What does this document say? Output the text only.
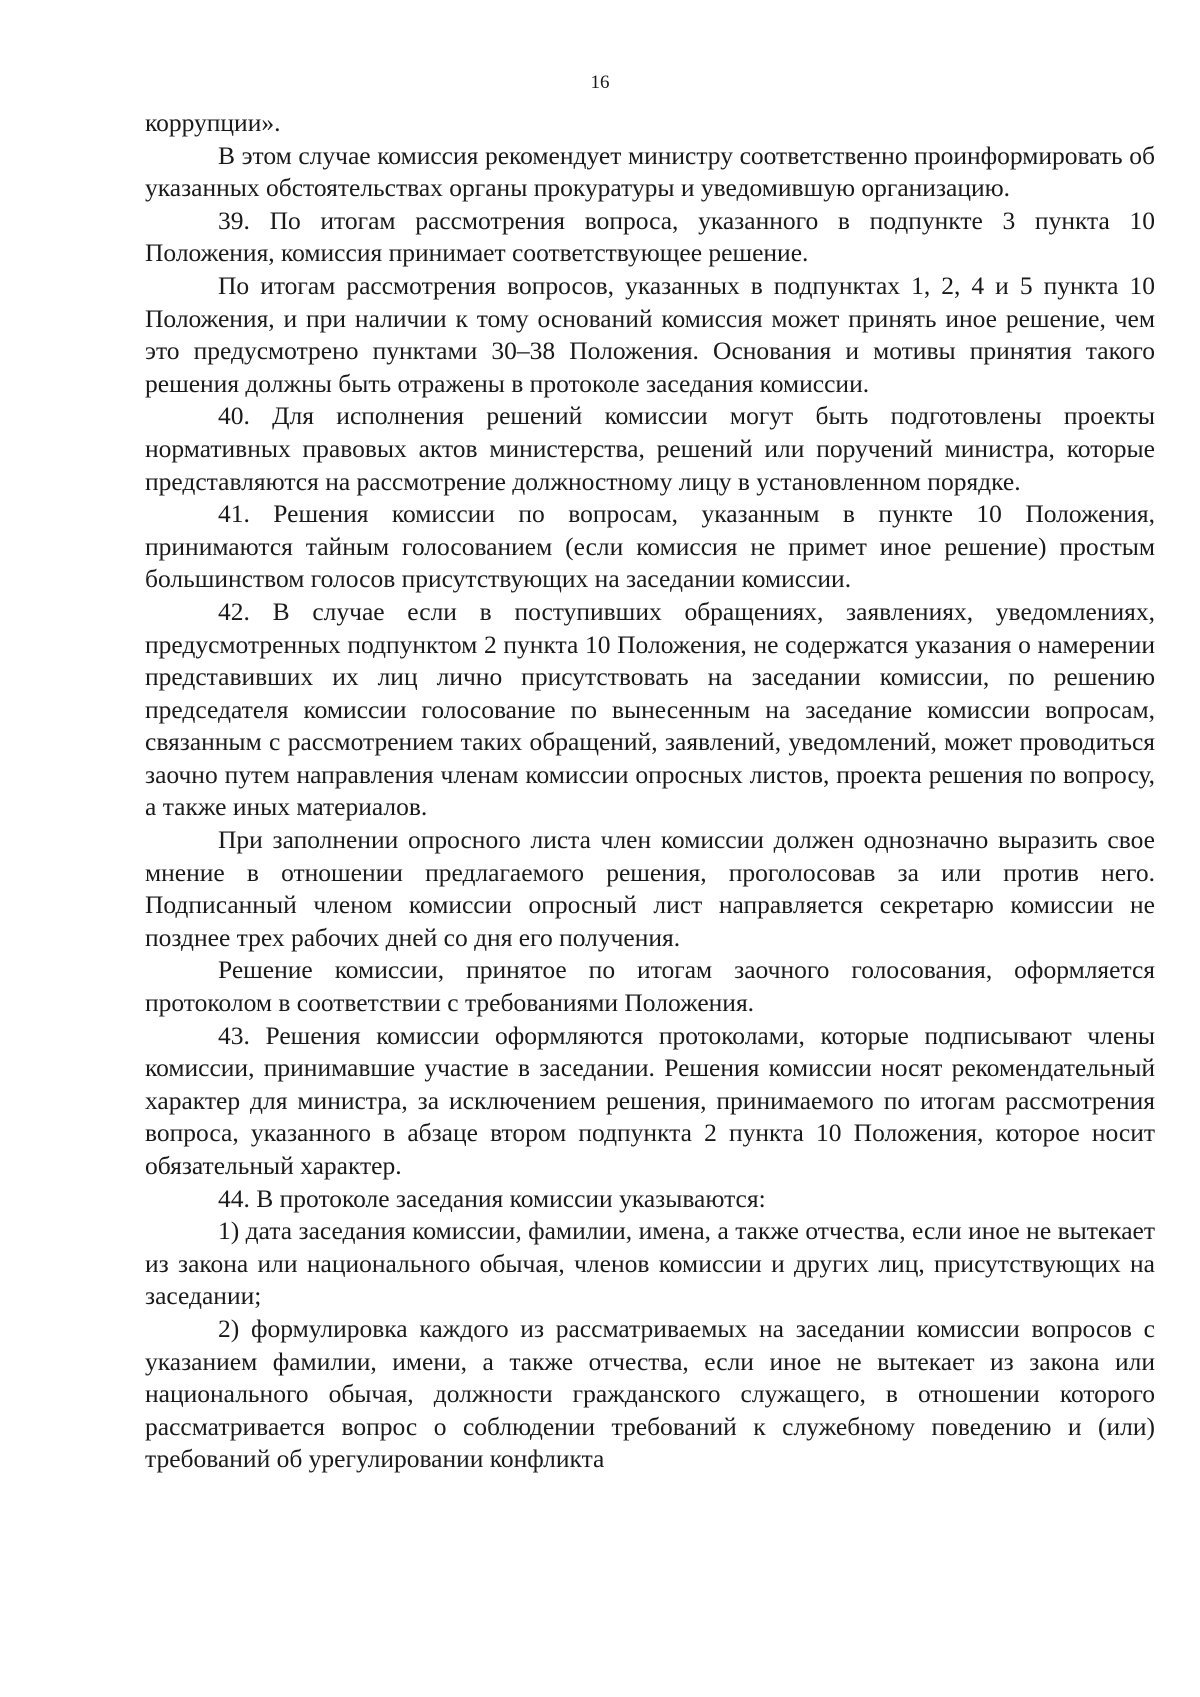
16

коррупции».

В этом случае комиссия рекомендует министру соответственно проинформировать об указанных обстоятельствах органы прокуратуры и уведомившую организацию.

39. По итогам рассмотрения вопроса, указанного в подпункте 3 пункта 10 Положения, комиссия принимает соответствующее решение.

По итогам рассмотрения вопросов, указанных в подпунктах 1, 2, 4 и 5 пункта 10 Положения, и при наличии к тому оснований комиссия может принять иное решение, чем это предусмотрено пунктами 30–38 Положения. Основания и мотивы принятия такого решения должны быть отражены в протоколе заседания комиссии.

40. Для исполнения решений комиссии могут быть подготовлены проекты нормативных правовых актов министерства, решений или поручений министра, которые представляются на рассмотрение должностному лицу в установленном порядке.

41. Решения комиссии по вопросам, указанным в пункте 10 Положения, принимаются тайным голосованием (если комиссия не примет иное решение) простым большинством голосов присутствующих на заседании комиссии.

42. В случае если в поступивших обращениях, заявлениях, уведомлениях, предусмотренных подпунктом 2 пункта 10 Положения, не содержатся указания о намерении представивших их лиц лично присутствовать на заседании комиссии, по решению председателя комиссии голосование по вынесенным на заседание комиссии вопросам, связанным с рассмотрением таких обращений, заявлений, уведомлений, может проводиться заочно путем направления членам комиссии опросных листов, проекта решения по вопросу, а также иных материалов.

При заполнении опросного листа член комиссии должен однозначно выразить свое мнение в отношении предлагаемого решения, проголосовав за или против него. Подписанный членом комиссии опросный лист направляется секретарю комиссии не позднее трех рабочих дней со дня его получения.

Решение комиссии, принятое по итогам заочного голосования, оформляется протоколом в соответствии с требованиями Положения.

43. Решения комиссии оформляются протоколами, которые подписывают члены комиссии, принимавшие участие в заседании. Решения комиссии носят рекомендательный характер для министра, за исключением решения, принимаемого по итогам рассмотрения вопроса, указанного в абзаце втором подпункта 2 пункта 10 Положения, которое носит обязательный характер.

44. В протоколе заседания комиссии указываются:

1) дата заседания комиссии, фамилии, имена, а также отчества, если иное не вытекает из закона или национального обычая, членов комиссии и других лиц, присутствующих на заседании;

2) формулировка каждого из рассматриваемых на заседании комиссии вопросов с указанием фамилии, имени, а также отчества, если иное не вытекает из закона или национального обычая, должности гражданского служащего, в отношении которого рассматривается вопрос о соблюдении требований к служебному поведению и (или) требований об урегулировании конфликта
